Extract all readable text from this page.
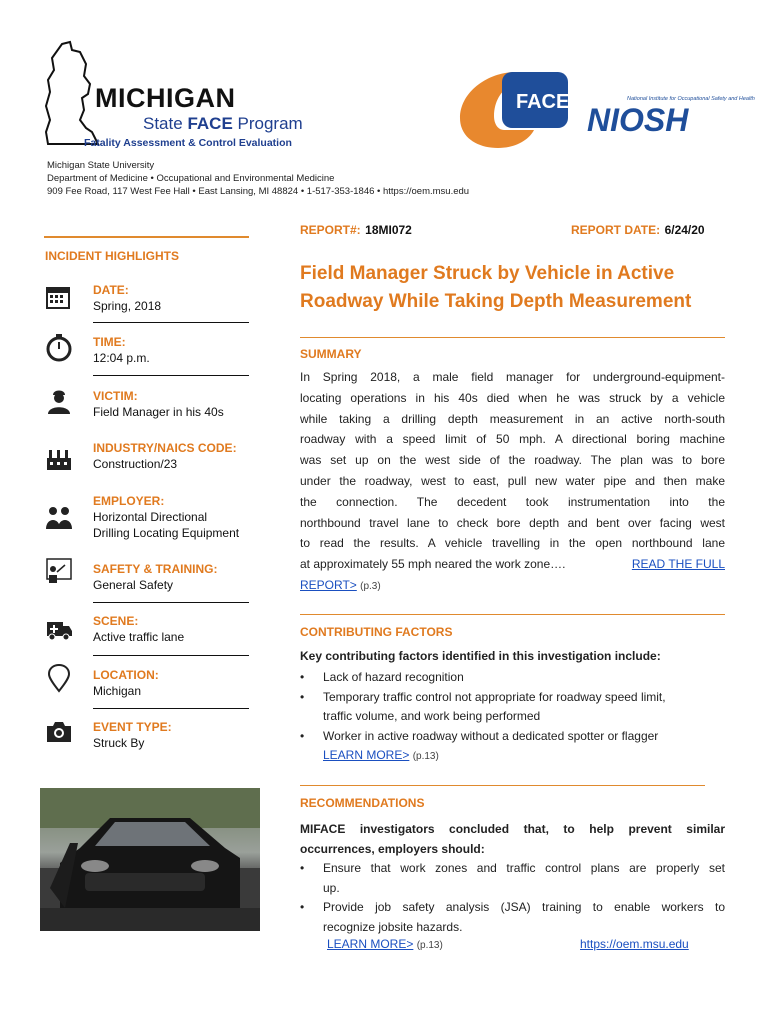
MICHIGAN
State FACE Program
Fatality Assessment & Control Evaluation
Michigan State University
Department of Medicine • Occupational and Environmental Medicine
909 Fee Road, 117 West Fee Hall • East Lansing, MI 48824 • 1-517-353-1846 • https://oem.msu.edu
FACE	National Institute for Occupational Safety and Health
NIOSH
REPORT#: 18MI072	REPORT DATE: 6/24/20
INCIDENT HIGHLIGHTS
DATE:
Spring, 2018
TIME:
12:04 p.m.
VICTIM:
Field Manager in his 40s
INDUSTRY/NAICS CODE:
Construction/23
EMPLOYER:
Horizontal Directional
Drilling Locating Equipment
SAFETY & TRAINING:
General Safety
SCENE:
Active traffic lane
LOCATION:
Michigan
EVENT TYPE:
Struck By
Field Manager Struck by Vehicle in Active
Roadway While Taking Depth Measurement
SUMMARY
In Spring 2018, a male field manager for underground-equipment-
locating operations in his 40s died when he was struck by a vehicle
while taking a drilling depth measurement in an active north-south
roadway with a speed limit of 50 mph. A directional boring machine
was set up on the west side of the roadway. The plan was to bore
under the roadway, west to east, pull new water pipe and then make
the connection. The decedent took instrumentation into the
northbound travel lane to check bore depth and bent over facing west
to read the results. A vehicle travelling in the open northbound lane
at approximately 55 mph neared the work zone….	READ THE FULL
REPORT> (p.3)
CONTRIBUTING FACTORS
Key contributing factors identified in this investigation include:
• Lack of hazard recognition
• Temporary traffic control not appropriate for roadway speed limit,
traffic volume, and work being performed
• Worker in active roadway without a dedicated spotter or flagger
LEARN MORE> (p.13)
RECOMMENDATIONS
MIFACE investigators concluded that, to help prevent similar
occurrences, employers should:
• Ensure that work zones and traffic control plans are properly set
up.
• Provide job safety analysis (JSA) training to enable workers to
recognize jobsite hazards.
LEARN MORE> (p.13)	https://oem.msu.edu
